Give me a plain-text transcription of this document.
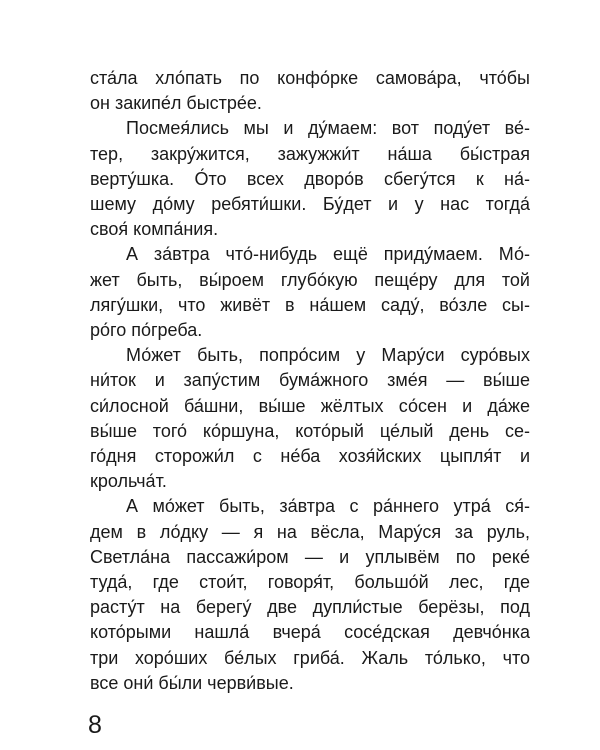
ста́ла хло́пать по конфо́рке самова́ра, что́бы
он закипе́л быстре́е.
Посмея́лись мы и ду́маем: вот поду́ет ве́-
тер, закру́жится, зажужжи́т на́ша бы́страя
верту́шка. О́то всех дворо́в сбегу́тся к на́-
шему до́му ребяти́шки. Бу́дет и у нас тогда́
своя́ компа́ния.
А за́втра что́-нибудь ещё приду́маем. Мо́-
жет быть, вы́роем глубо́кую пеще́ру для той
лягу́шки, что живёт в на́шем саду́, во́зле сы-
ро́го по́греба.
Мо́жет быть, попро́сим у Мару́си суро́вых
ни́ток и запу́стим бума́жного зме́я — вы́ше
си́лосной ба́шни, вы́ше жёлтых со́сен и да́же
вы́ше того́ ко́ршуна, кото́рый це́лый день се-
го́дня сторожи́л с не́ба хозя́йских цыпля́т и
крольча́т.
А мо́жет быть, за́втра с ра́ннего утра́ ся́-
дем в ло́дку — я на вёсла, Мару́ся за руль,
Светла́на пассажи́ром — и уплывём по реке́
туда́, где стои́т, говоря́т, большо́й лес, где
расту́т на берегу́ две дупли́стые берёзы, под
кото́рыми нашла́ вчера́ сосе́дская девчо́нка
три хоро́ших бе́лых гриба́. Жаль то́лько, что
все они́ бы́ли черви́вые.
8
